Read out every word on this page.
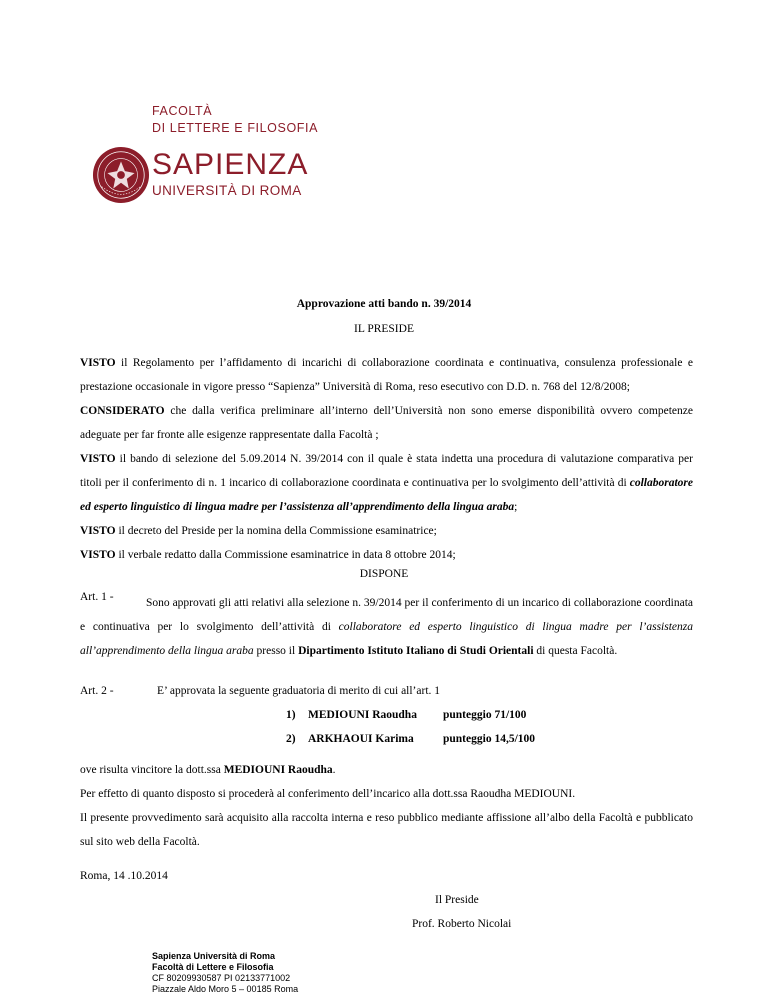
FACOLTÀ
DI LETTERE E FILOSOFIA
SAPIENZA
UNIVERSITÀ DI ROMA
Approvazione atti bando n. 39/2014
IL PRESIDE

VISTO il Regolamento per l’affidamento di incarichi di collaborazione coordinata e continuativa, consulenza professionale e prestazione occasionale in vigore presso “Sapienza” Università di Roma, reso esecutivo con D.D. n. 768 del 12/8/2008;

CONSIDERATO che dalla verifica preliminare all’interno dell’Università non sono emerse disponibilità ovvero competenze adeguate per far fronte alle esigenze rappresentate dalla Facoltà ;

VISTO il bando di selezione del 5.09.2014 N. 39/2014 con il quale è stata indetta una procedura di valutazione comparativa per titoli per il conferimento di n. 1 incarico di collaborazione coordinata e continuativa per lo svolgimento dell’attività di collaboratore ed esperto linguistico di lingua madre per l’assistenza all’apprendimento della lingua araba;

VISTO il decreto del Preside per la nomina della Commissione esaminatrice;

VISTO il verbale redatto dalla Commissione esaminatrice in data 8 ottobre 2014;

DISPONE
Art. 1 -	Sono approvati gli atti relativi alla selezione n. 39/2014 per il conferimento di un incarico di collaborazione coordinata e continuativa per lo svolgimento dell’attività di collaboratore ed esperto linguistico di lingua madre per l’assistenza all’apprendimento della lingua araba presso il Dipartimento Istituto Italiano di Studi Orientali di questa Facoltà.

Art. 2 -	E’ approvata la seguente graduatoria di merito di cui all’art. 1
1) MEDIOUNI Raoudha punteggio 71/100
2) ARKHAOUI Karima	punteggio 14,5/100

ove risulta vincitore la dott.ssa MEDIOUNI Raoudha.

Per effetto di quanto disposto si procederà al conferimento dell’incarico alla dott.ssa Raoudha MEDIOUNI.

Il presente provvedimento sarà acquisito alla raccolta interna e reso pubblico mediante affissione all’albo della Facoltà e pubblicato sul sito web della Facoltà.

Roma, 14 .10.2014
Il Preside
Prof. Roberto Nicolai
Sapienza Università di Roma
Facoltà di Lettere e Filosofia
CF 80209930587 PI 02133771002
Piazzale Aldo Moro 5 – 00185 Roma
